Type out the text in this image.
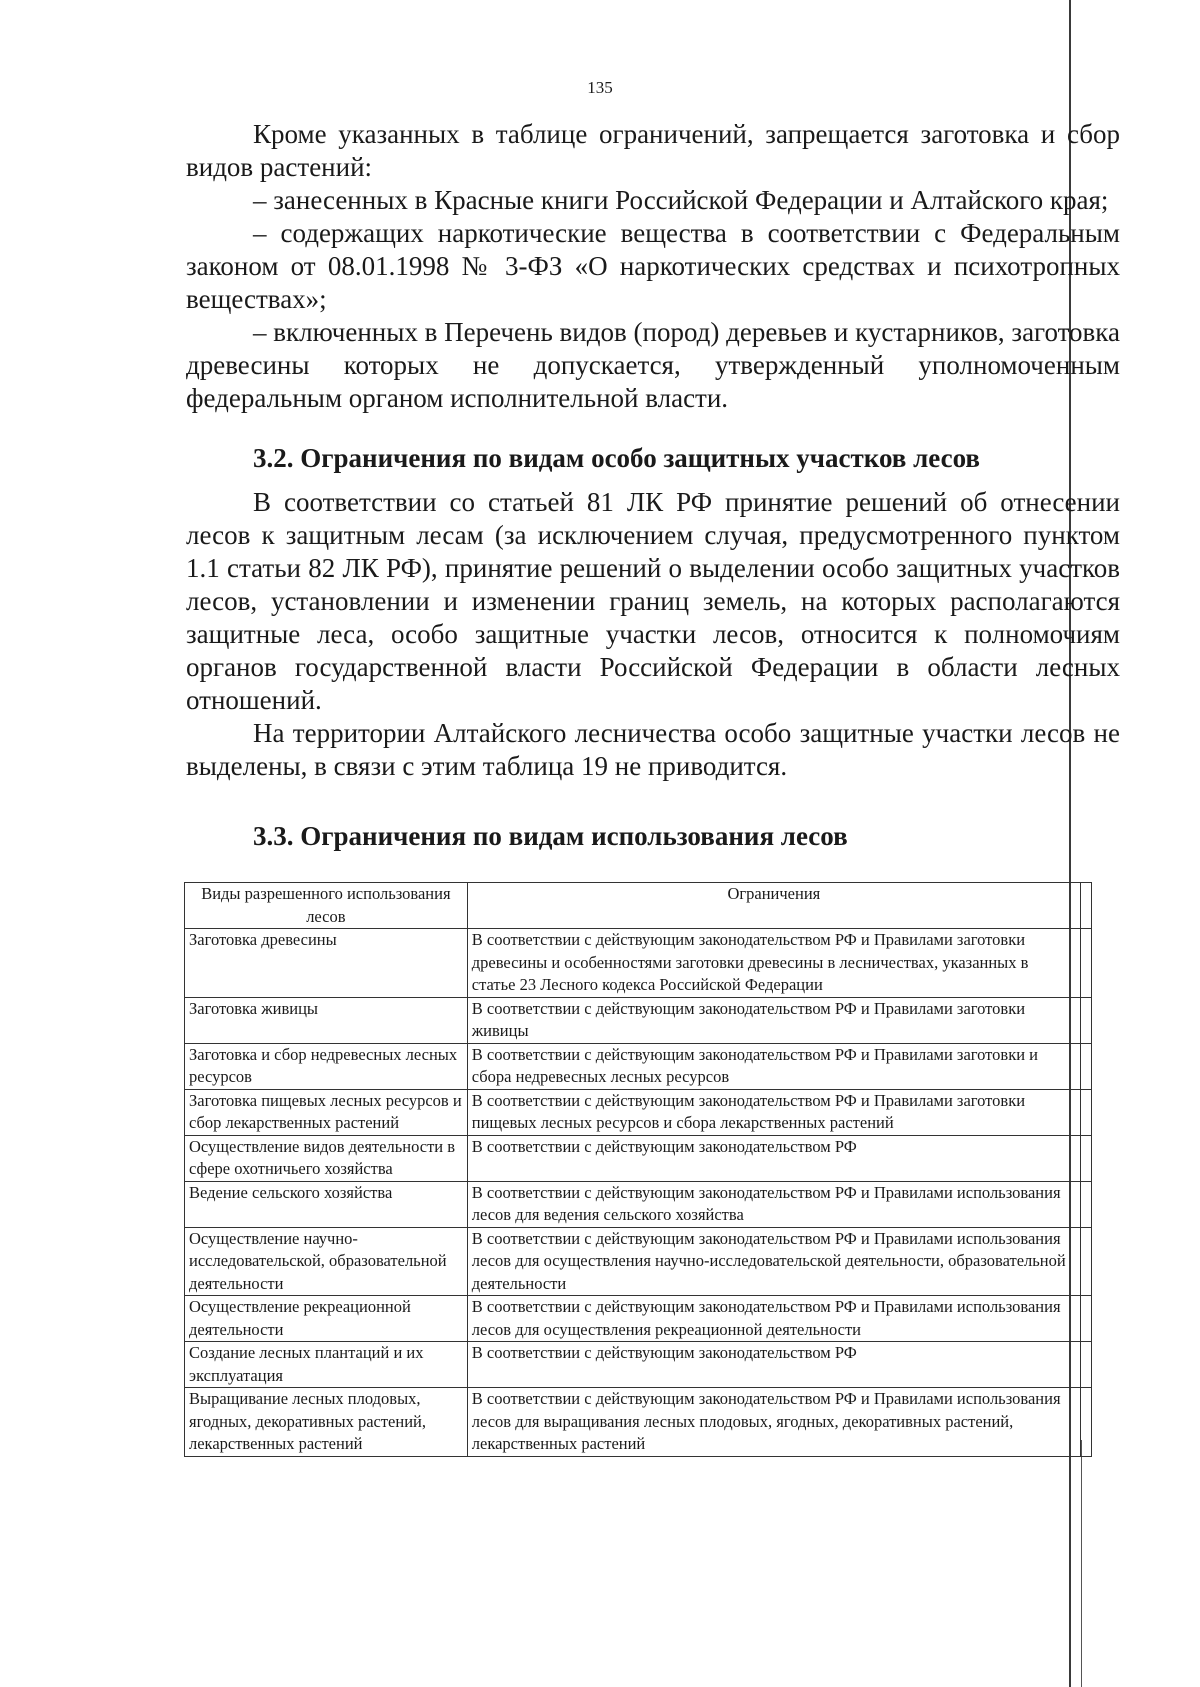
135

Кроме указанных в таблице ограничений, запрещается заготовка и сбор видов растений:

– занесенных в Красные книги Российской Федерации и Алтайского края;

– содержащих наркотические вещества в соответствии с Федеральным законом от 08.01.1998 № 3-ФЗ «О наркотических средствах и психотропных веществах»;

– включенных в Перечень видов (пород) деревьев и кустарников, заготовка древесины которых не допускается, утвержденный уполномоченным федеральным органом исполнительной власти.

3.2. Ограничения по видам особо защитных участков лесов

В соответствии со статьей 81 ЛК РФ принятие решений об отнесении лесов к защитным лесам (за исключением случая, предусмотренного пунктом 1.1 статьи 82 ЛК РФ), принятие решений о выделении особо защитных участков лесов, установлении и изменении границ земель, на которых располагаются защитные леса, особо защитные участки лесов, относится к полномочиям органов государственной власти Российской Федерации в области лесных отношений.

На территории Алтайского лесничества особо защитные участки лесов не выделены, в связи с этим таблица 19 не приводится.

3.3. Ограничения по видам использования лесов
Виды разрешенного использования лесов	Ограничения	
Заготовка древесины	В соответствии с действующим законодательством РФ и Правилами заготовки древесины и особенностями заготовки древесины в лесничествах, указанных в статье 23 Лесного кодекса Российской Федерации	
Заготовка живицы	В соответствии с действующим законодательством РФ и Правилами заготовки живицы	
Заготовка и сбор недревесных лесных ресурсов	В соответствии с действующим законодательством РФ и Правилами заготовки и сбора недревесных лесных ресурсов	
Заготовка пищевых лесных ресурсов и сбор лекарственных растений	В соответствии с действующим законодательством РФ и Правилами заготовки пищевых лесных ресурсов и сбора лекарственных растений	
Осуществление видов деятельности в сфере охотничьего хозяйства	В соответствии с действующим законодательством РФ	
Ведение сельского хозяйства	В соответствии с действующим законодательством РФ и Правилами использования лесов для ведения сельского хозяйства	
Осуществление научно-исследовательской, образовательной деятельности	В соответствии с действующим законодательством РФ и Правилами использования лесов для осуществления научно-исследовательской деятельности, образовательной деятельности	
Осуществление рекреационной деятельности	В соответствии с действующим законодательством РФ и Правилами использования лесов для осуществления рекреационной деятельности	
Создание лесных плантаций и их эксплуатация	В соответствии с действующим законодательством РФ	
Выращивание лесных плодовых, ягодных, декоративных растений, лекарственных растений	В соответствии с действующим законодательством РФ и Правилами использования лесов для выращивания лесных плодовых, ягодных, декоративных растений, лекарственных растений	
